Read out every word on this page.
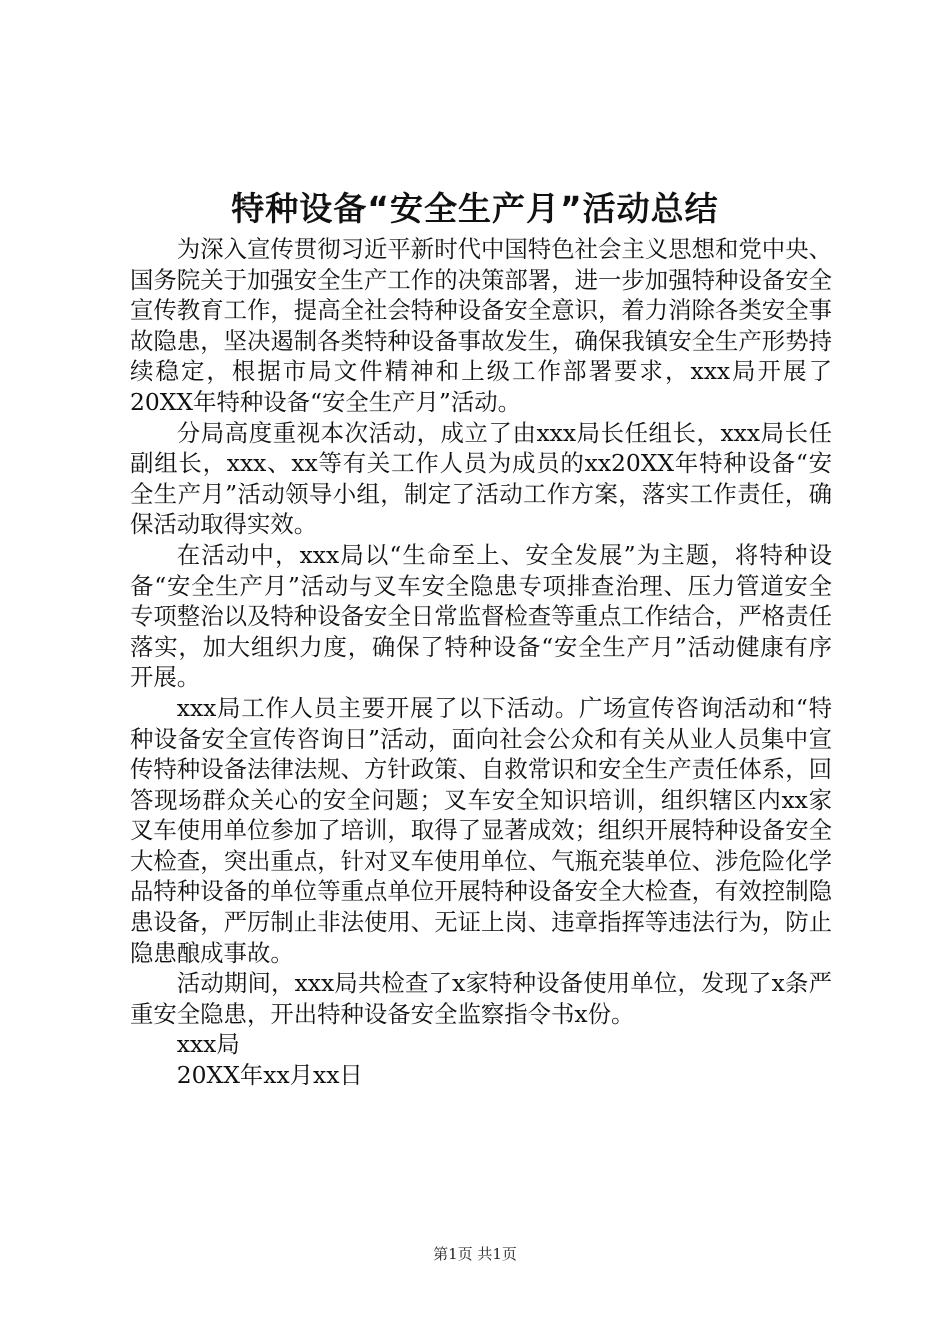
特种设备“安全生产月”活动总结

为深入宣传贯彻习近平新时代中国特色社会主义思想和党中央、国务院关于加强安全生产工作的决策部署，进一步加强特种设备安全宣传教育工作，提高全社会特种设备安全意识，着力消除各类安全事故隐患，坚决遏制各类特种设备事故发生，确保我镇安全生产形势持续稳定，根据市局文件精神和上级工作部署要求，xxx局开展了20XX年特种设备“安全生产月”活动。

分局高度重视本次活动，成立了由xxx局长任组长，xxx局长任副组长，xxx、xx等有关工作人员为成员的xx20XX年特种设备“安全生产月”活动领导小组，制定了活动工作方案，落实工作责任，确保活动取得实效。

在活动中，xxx局以“生命至上、安全发展”为主题，将特种设备“安全生产月”活动与叉车安全隐患专项排查治理、压力管道安全专项整治以及特种设备安全日常监督检查等重点工作结合，严格责任落实，加大组织力度，确保了特种设备“安全生产月”活动健康有序开展。

xxx局工作人员主要开展了以下活动。广场宣传咨询活动和“特种设备安全宣传咨询日”活动，面向社会公众和有关从业人员集中宣传特种设备法律法规、方针政策、自救常识和安全生产责任体系，回答现场群众关心的安全问题；叉车安全知识培训，组织辖区内xx家叉车使用单位参加了培训，取得了显著成效；组织开展特种设备安全大检查，突出重点，针对叉车使用单位、气瓶充装单位、涉危险化学品特种设备的单位等重点单位开展特种设备安全大检查，有效控制隐患设备，严厉制止非法使用、无证上岗、违章指挥等违法行为，防止隐患酿成事故。

活动期间，xxx局共检查了x家特种设备使用单位，发现了x条严重安全隐患，开出特种设备安全监察指令书x份。

xxx局
20XX年xx月xx日
第1页 共1页
